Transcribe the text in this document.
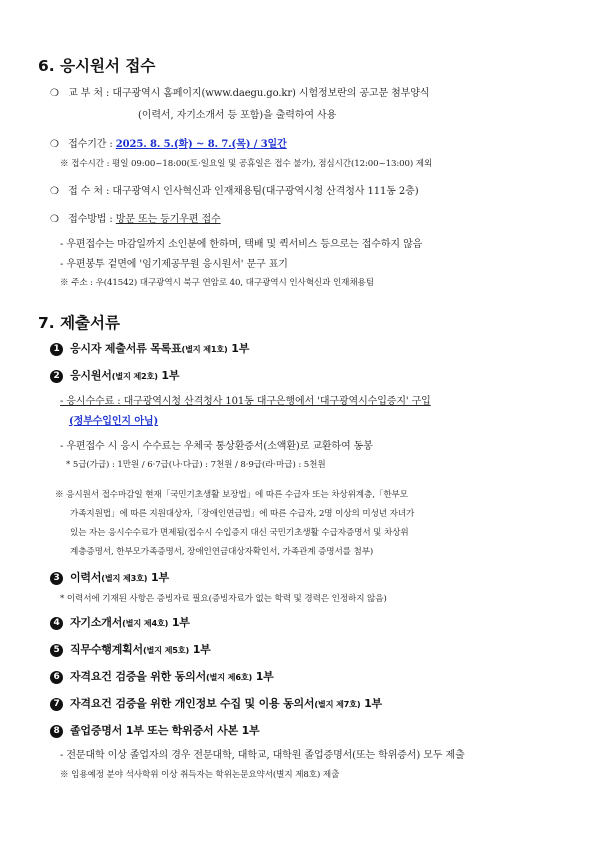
6. 응시원서 접수
❍ 교 부 처 : 대구광역시 홈페이지(www.daegu.go.kr) 시험정보란의 공고문 첨부양식
(이력서, 자기소개서 등 포함)을 출력하여 사용
❍ 접수기간 : 2025. 8. 5.(화) ~ 8. 7.(목) / 3일간
※ 접수시간 : 평일 09:00~18:00(토·일요일 및 공휴일은 접수 불가), 점심시간(12:00~13:00) 제외
❍ 접 수 처 : 대구광역시 인사혁신과 인재채용팀(대구광역시청 산격청사 111동 2층)
❍ 접수방법 : 방문 또는 등기우편 접수
- 우편접수는 마감일까지 소인분에 한하며, 택배 및 퀵서비스 등으로는 접수하지 않음
- 우편봉투 겉면에 '임기제공무원 응시원서' 문구 표기
※ 주소 : 우(41542) 대구광역시 북구 연암로 40, 대구광역시 인사혁신과 인재채용팀
7. 제출서류
1 응시자 제출서류 목록표(별지 제1호) 1부
2 응시원서(별지 제2호) 1부
- 응시수수료 : 대구광역시청 산격청사 101동 대구은행에서 '대구광역시수입증지' 구입
(정부수입인지 아님)
- 우편접수 시 응시 수수료는 우체국 통상환증서(소액환)로 교환하여 동봉
* 5급(가급) : 1만원 / 6·7급(나·다급) : 7천원 / 8·9급(라·마급) : 5천원
※ 응시원서 접수마감일 현재「국민기초생활 보장법」에 따른 수급자 또는 차상위계층,「한부모
가족지원법」에 따른 지원대상자,「장애인연금법」에 따른 수급자, 2명 이상의 미성년 자녀가
있는 자는 응시수수료가 면제됨(접수시 수입증지 대신 국민기초생활 수급자증명서 및 차상위
계층증명서, 한부모가족증명서, 장애인연금대상자확인서, 가족관계 증명서를 첨부)
3 이력서(별지 제3호) 1부
* 이력서에 기재된 사항은 증빙자료 필요(증빙자료가 없는 학력 및 경력은 인정하지 않음)
4 자기소개서(별지 제4호) 1부
5 직무수행계획서(별지 제5호) 1부
6 자격요건 검증을 위한 동의서(별지 제6호) 1부
7 자격요건 검증을 위한 개인정보 수집 및 이용 동의서(별지 제7호) 1부
8 졸업증명서 1부 또는 학위증서 사본 1부
- 전문대학 이상 졸업자의 경우 전문대학, 대학교, 대학원 졸업증명서(또는 학위증서) 모두 제출
※ 임용예정 분야 석사학위 이상 취득자는 학위논문요약서(별지 제8호) 제출
